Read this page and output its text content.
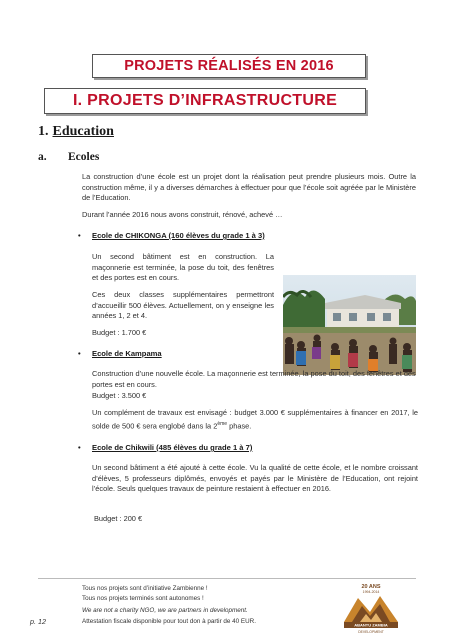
PROJETS RÉALISÉS EN 2016
I. PROJETS D’INFRASTRUCTURE
1. Education
a. Ecoles
La construction d’une école est un projet dont la réalisation peut prendre plusieurs mois. Outre la construction même, il y a diverses démarches à effectuer pour que l’école soit agréée par le Ministère de l’Education.
Durant l’année 2016 nous avons construit, rénové, achevé …
• Ecole de CHIKONGA (160 élèves du grade 1 à 3)
Un second bâtiment est en construction. La maçonnerie est terminée, la pose du toit, des fenêtres et des portes est en cours.
Ces deux classes supplémentaires permettront d’accueillir 500 élèves. Actuellement, on y enseigne les années 1, 2 et 4.
Budget : 1.700 €
• Ecole de Kampama
Construction d’une nouvelle école. La maçonnerie est terminée, la pose du toit, des fenêtres et des portes est en cours.
Budget : 3.500 €
Un complément de travaux est envisagé : budget 3.000 € supplémentaires à financer en 2017, le solde de 500 € sera englobé dans la 2ème phase.
• Ecole de Chikwili (485 élèves du grade 1 à 7)
Un second bâtiment a été ajouté à cette école. Vu la qualité de cette école, et le nombre croissant d’élèves, 5 professeurs diplômés, envoyés et payés par le Ministère de l’Education, ont rejoint l’école. Seuls quelques travaux de peinture restaient à effectuer en 2016.
Budget : 200 €
Tous nos projets sont d’initiative Zambienne !
Tous nos projets terminés sont autonomes !
We are not a charity NGO, we are partners in development.
Attestation fiscale disponible pour tout don à partir de 40 EUR.
p. 12
20 ANS
1994-2014
ABANTU ZAMBIA
DEVELOPMENT
